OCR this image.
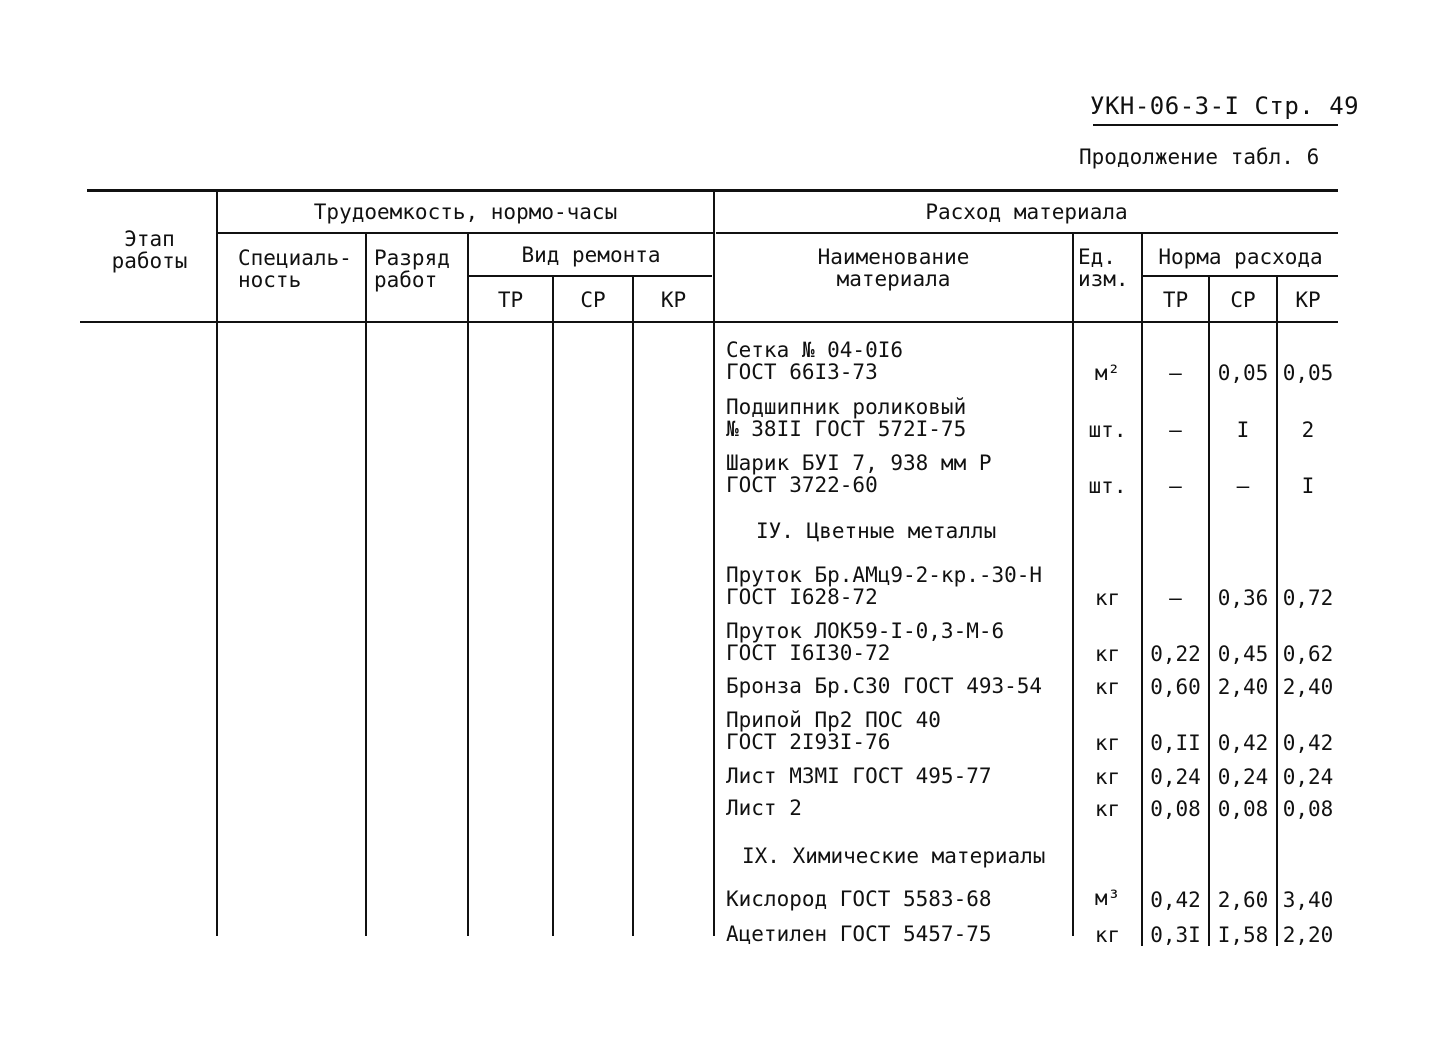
УКН-06-3-I Стр. 49
Продолжение табл. 6
Этап
работы
Трудоемкость, нормо-часы
Специаль-
ность
Разряд
работ
Вид ремонта
ТР	СР	КР
Расход материала
Наименование
материала
Ед.
изм.
Норма расхода
ТР	СР	КР
Сетка № 04-0I6
ГОСТ 66I3-73	м²	–	0,05 0,05
Подшипник роликовый
№ 38II ГОСТ 572I-75	шт.	–	I	2
Шарик БУI 7, 938 мм Р
ГОСТ 3722-60	шт.	–	–	I
IУ. Цветные металлы
Пруток Бр.АМц9-2-кр.-30-Н
ГОСТ I628-72	кг	–	0,36 0,72
Пруток ЛОК59-I-0,3-М-6
ГОСТ I6I30-72	кг	0,22 0,45 0,62
Бронза Бр.С30 ГОСТ 493-54	кг	0,60 2,40 2,40
Припой Пр2 ПОС 40
ГОСТ 2I93I-76	кг	0,II 0,42 0,42
Лист М3МI ГОСТ 495-77	кг	0,24 0,24 0,24
Лист 2	кг	0,08 0,08 0,08
IX. Химические материалы
Кислород ГОСТ 5583-68	м³	0,42 2,60 3,40
Ацетилен ГОСТ 5457-75	кг	0,3I I,58 2,20
